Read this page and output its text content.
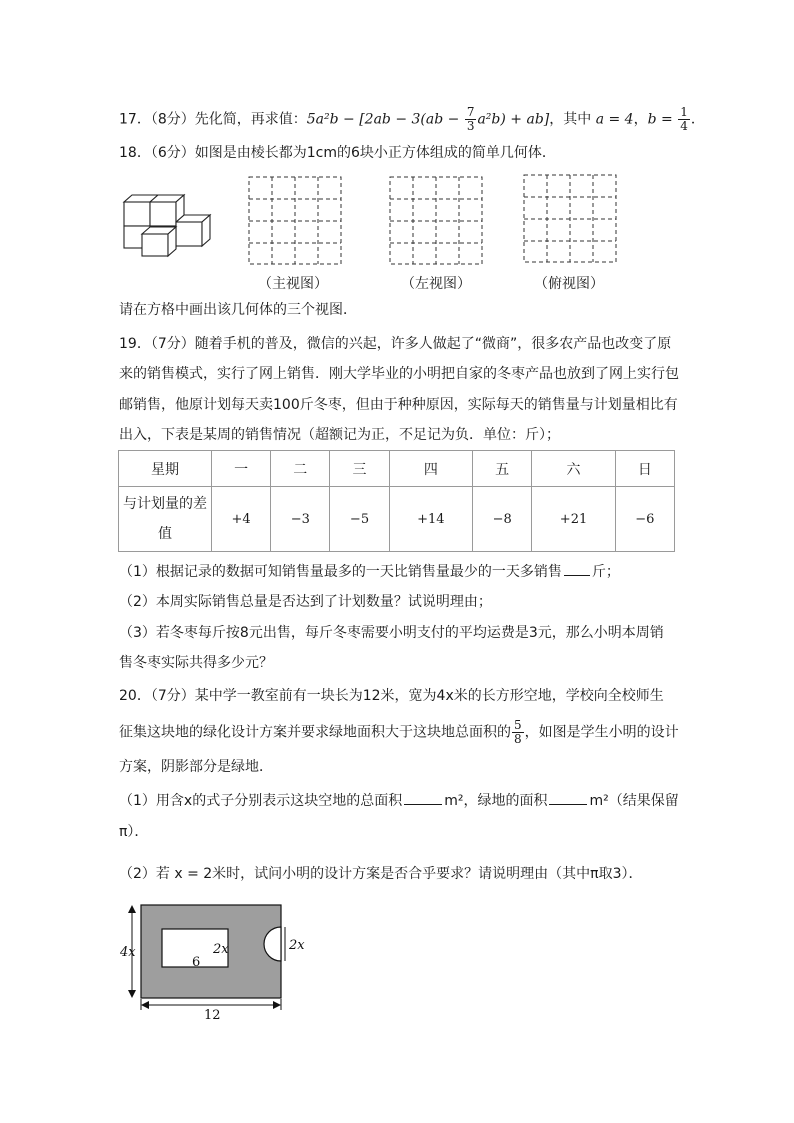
17．（8分）先化简，再求值：$5a^2b - [2ab - 3(ab - \frac{7}{3} a^2b) + ab]$，其中 a = 4，$b = \frac{1}{4}$ ．
18．（6分）如图是由棱长都为1cm的6块小正方体组成的简单几何体．
（主视图）	（左视图）	（俯视图）
请在方格中画出该几何体的三个视图．
19．（7分）随着手机的普及，微信的兴起，许多人做起了“微商”，很多农产品也改变了原
来的销售模式，实行了网上销售．刚大学毕业的小明把自家的冬枣产品也放到了网上实行包
邮销售，他原计划每天卖100斤冬枣，但由于种种原因，实际每天的销售量与计划量相比有
出入，下表是某周的销售情况（超额记为正，不足记为负．单位：斤）；
星期	一	二	三	四	五	六	日
与计划量的差
值	+4	−3	−5	+14	−8	+21	−6
（1）根据记录的数据可知销售量最多的一天比销售量最少的一天多销售 斤；
（2）本周实际销售总量是否达到了计划数量？试说明理由；
（3）若冬枣每斤按8元出售，每斤冬枣需要小明支付的平均运费是3元，那么小明本周销
售冬枣实际共得多少元？
20．（7分）某中学一教室前有一块长为12米，宽为4x米的长方形空地，学校向全校师生
征集这块地的绿化设计方案并要求绿地面积大于这块地总面积的 $\frac{5}{8}$ ，如图是学生小明的设计
方案，阴影部分是绿地．
（1）用含x的式子分别表示这块空地的总面积	m²，绿地的面积	m²（结果保留
π）．
（2）若 x = 2米时，试问小明的设计方案是否合乎要求？请说明理由（其中π取3）．
4x	2x
6
2x
12
